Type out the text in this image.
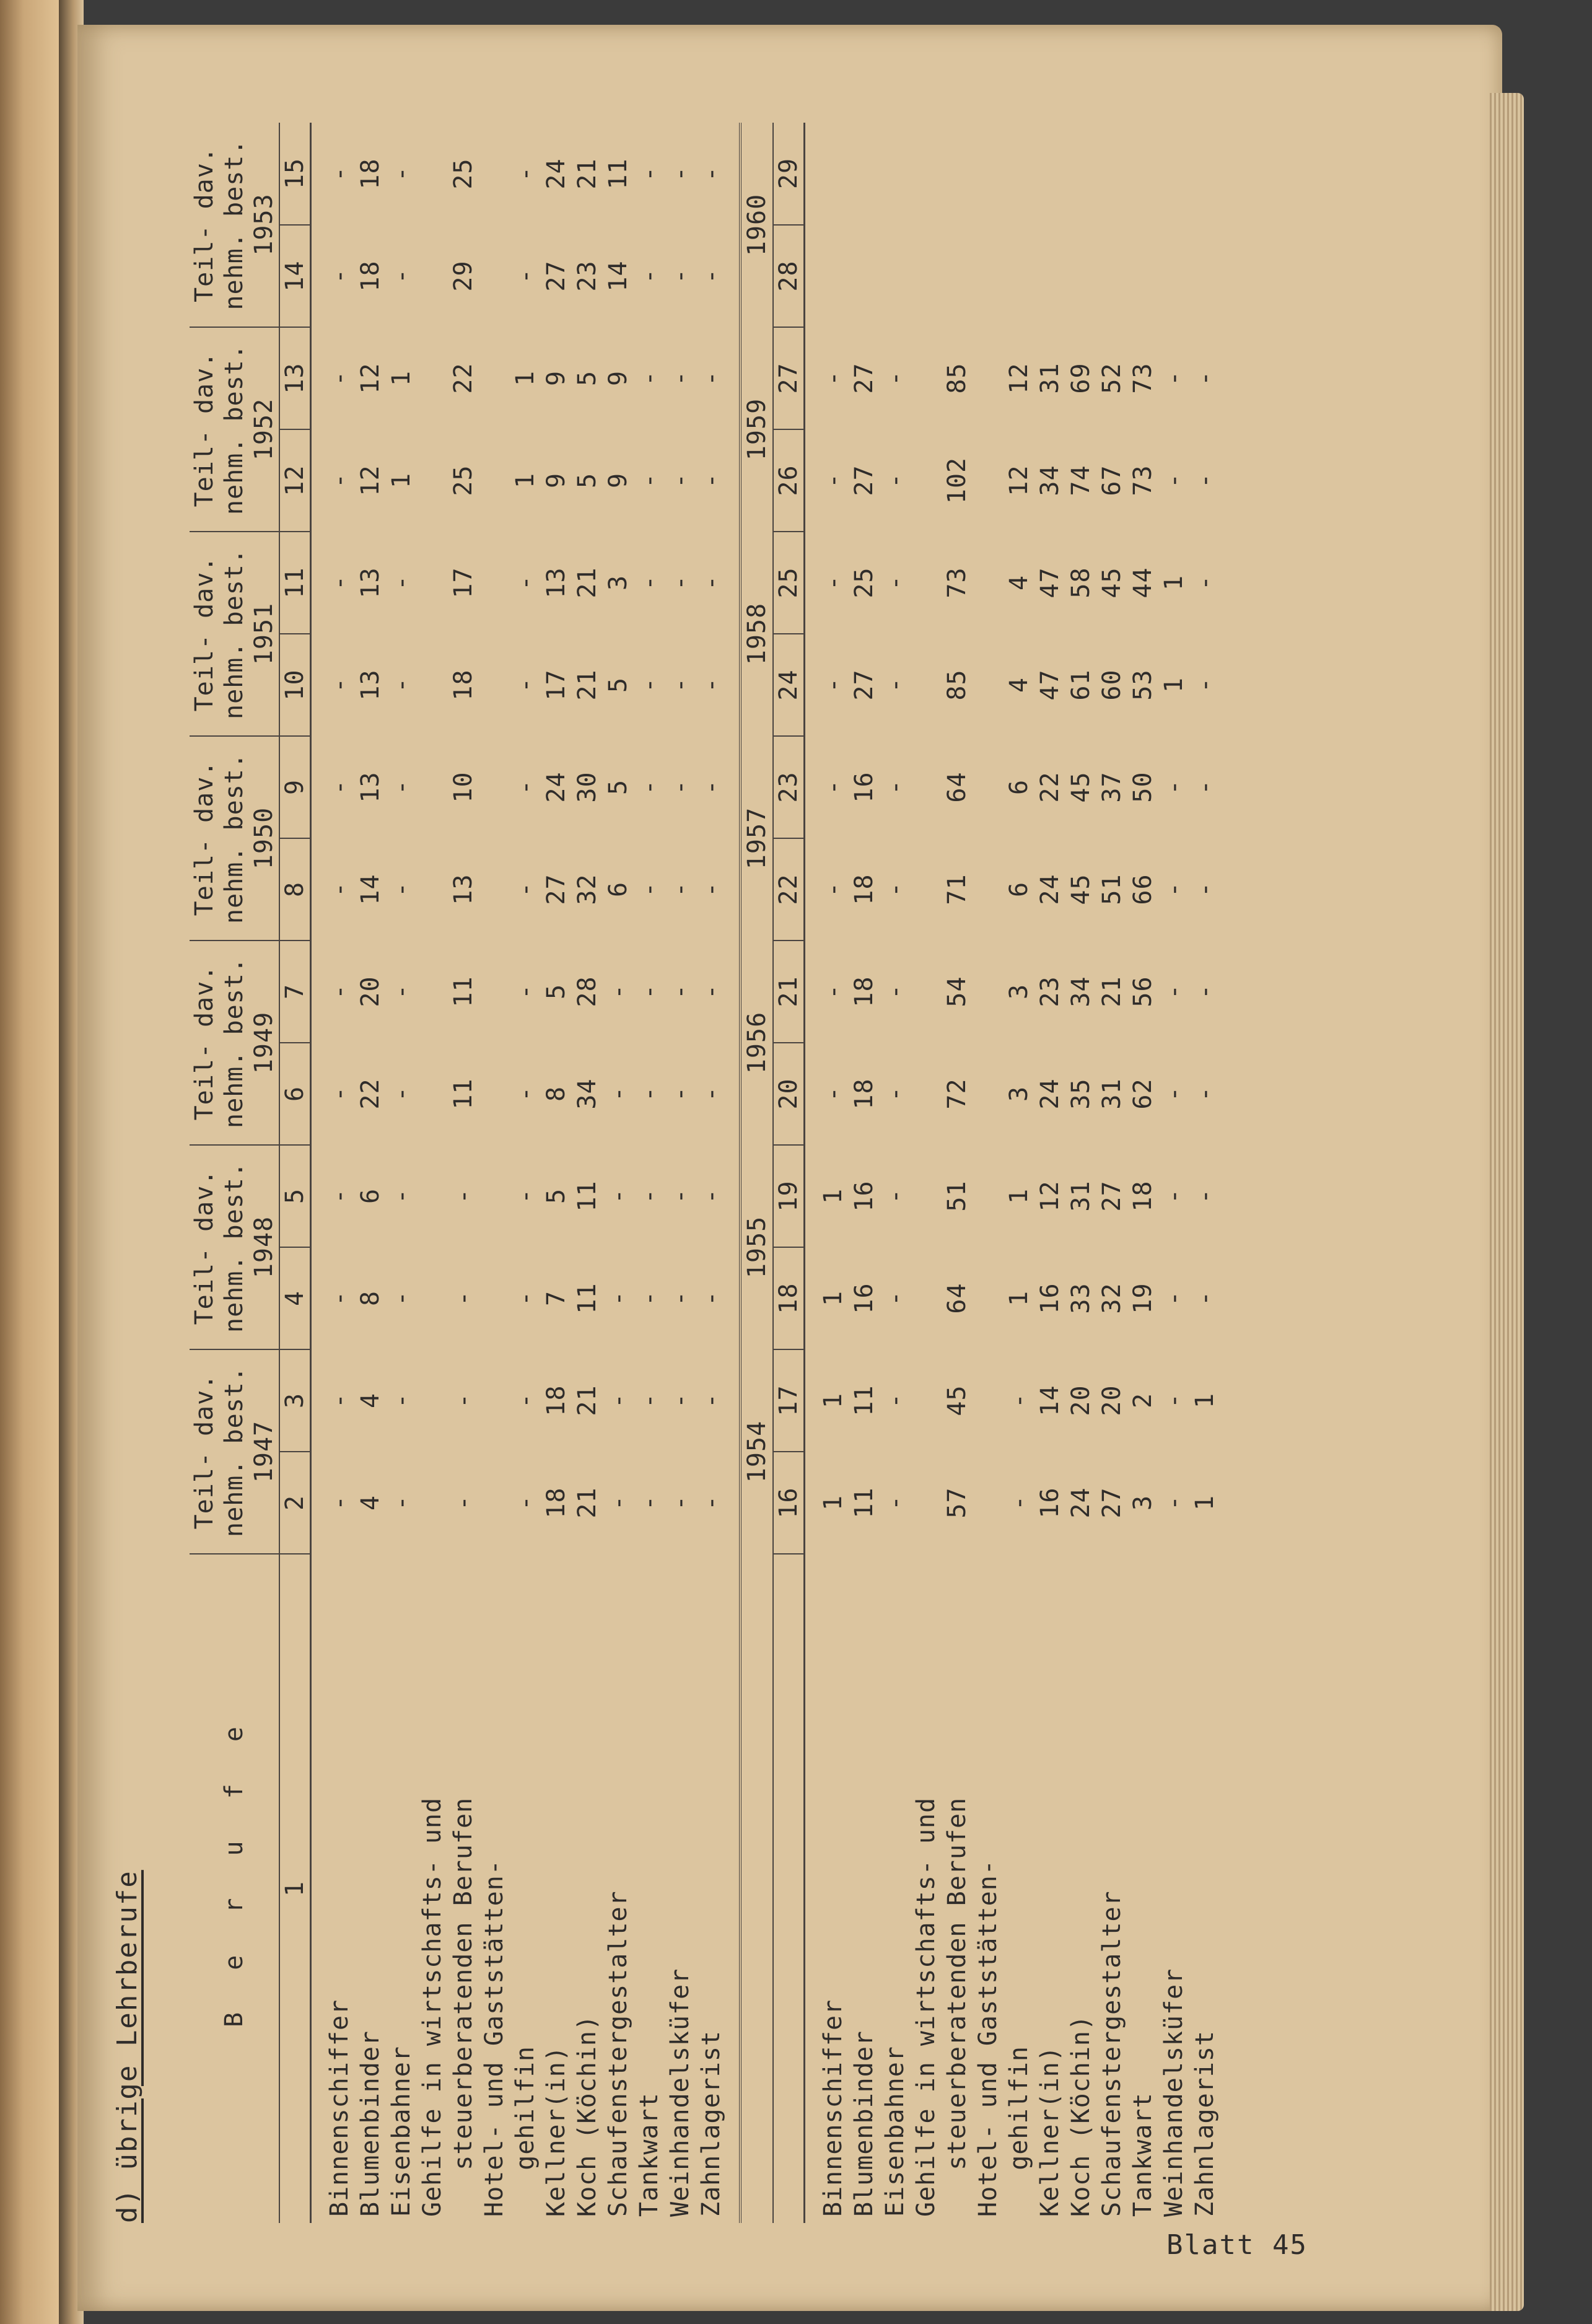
d) übrige Lehrberufe	B e r u f e	Teil- dav. nehm. best. 1947		Teil- dav. nehm. best. 1948		Teil- dav. nehm. best. 1949		Teil- dav. nehm. best. 1950		Teil- dav. nehm. best. 1951		Teil- dav. nehm. best. 1952		Teil- dav. nehm. best. 1953	

1	2	3	4	5	6	7	8	9	10	11	12	13	14	15
Binnenschiffer	-	-	-	-	-	-	-	-	-	-	-	-	-	-
Blumenbinder	4	4	8	6	22	20	14	13	13	13	12	12	18	18
Eisenbahner	-	-	-	-	-	-	-	-	-	-	1	1	-	-
Gehilfe in wirtschafts- und														
steuerberatenden Berufen	-	-	-	-	11	11	13	10	18	17	25	22	29	25
Hotel- und Gaststätten-														
gehilfin	-	-	-	-	-	-	-	-	-	-	1	1	-	-
Kellner(in)	18	18	7	5	8	5	27	24	17	13	9	9	27	24
Koch (Köchin)	21	21	11	11	34	28	32	30	21	21	5	5	23	21
Schaufenstergestalter	-	-	-	-	-	-	6	5	5	3	9	9	14	11
Tankwart	-	-	-	-	-	-	-	-	-	-	-	-	-	-
Weinhandelsküfer	-	-	-	-	-	-	-	-	-	-	-	-	-	-
Zahnlagerist	-	-	-	-	-	-	-	-	-	-	-	-	-	-

	1954		1955		1956		1957		1958		1959		1960	
	16	17	18	19	20	21	22	23	24	25	26	27	28	29
Binnenschiffer	1	1	1	1	-	-	-	-	-	-	-	-		
Blumenbinder	11	11	16	16	18	18	18	16	27	25	27	27		
Eisenbahner	-	-	-	-	-	-	-	-	-	-	-	-		
Gehilfe in wirtschafts- und														
steuerberatenden Berufen	57	45	64	51	72	54	71	64	85	73	102	85		
Hotel- und Gaststätten-														
gehilfin	-	-	1	1	3	3	6	6	4	4	12	12		
Kellner(in)	16	14	16	12	24	23	24	22	47	47	34	31		
Koch (Köchin)	24	20	33	31	35	34	45	45	61	58	74	69		
Schaufenstergestalter	27	20	32	27	31	21	51	37	60	45	67	52		
Tankwart	3	2	19	18	62	56	66	50	53	44	73	73		
Weinhandelsküfer	-	-	-	-	-	-	-	-	1	1	-	-		
Zahnlagerist	1	1	-	-	-	-	-	-	-	-	-	-		
Blatt 45
